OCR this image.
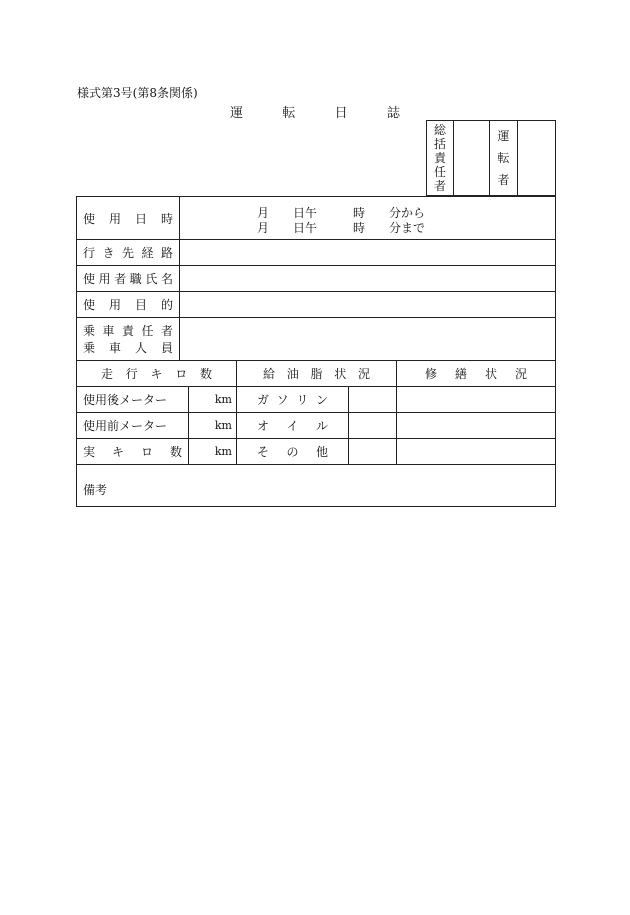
様式第3号(第8条関係)
運	転	日	誌
総
括
責
任
者
運
転
者
使 用 日 時	月　　日午　　　時　　分から
月　　日午　　　時　　分まで
行 き 先 経 路
使 用 者 職 氏 名
使 用 目 的
乗 車 責 任 者
乗 車 人 員
走 行 キ ロ 数	給 油 脂 状 況	修 繕 状 況
使用後メーター	km	ガ ソ リ ン
使用前メーター	km	オ イ ル
実 キ ロ 数	km	そ の 他
備考
